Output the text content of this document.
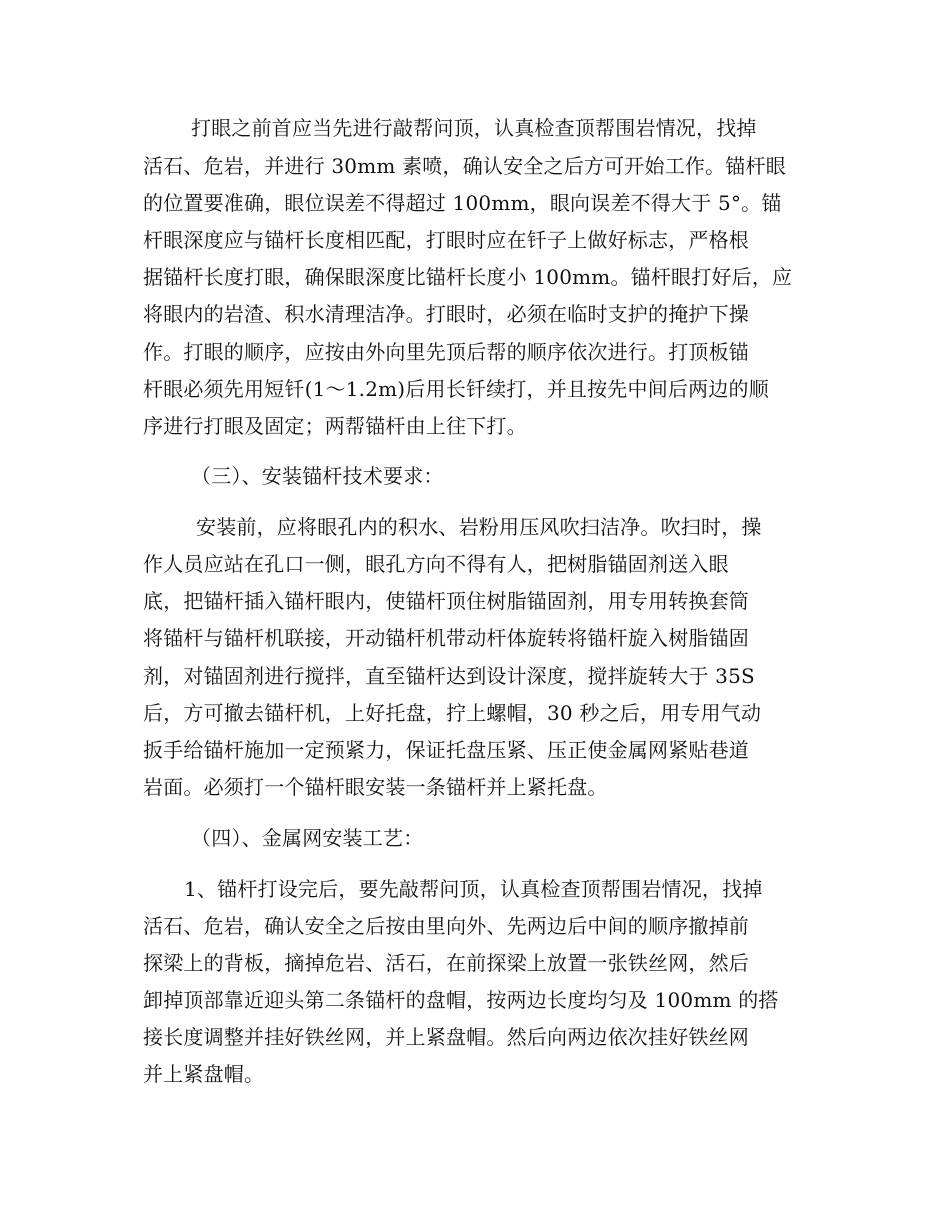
打眼之前首应当先进行敲帮问顶，认真检查顶帮围岩情况，找掉
活石、危岩，并进行 30mm 素喷，确认安全之后方可开始工作。锚杆眼
的位置要准确，眼位误差不得超过 100mm，眼向误差不得大于 5°。锚
杆眼深度应与锚杆长度相匹配，打眼时应在钎子上做好标志，严格根
据锚杆长度打眼，确保眼深度比锚杆长度小 100mm。锚杆眼打好后，应
将眼内的岩渣、积水清理洁净。打眼时，必须在临时支护的掩护下操
作。打眼的顺序，应按由外向里先顶后帮的顺序依次进行。打顶板锚
杆眼必须先用短钎(1～1.2m)后用长钎续打，并且按先中间后两边的顺
序进行打眼及固定；两帮锚杆由上往下打。
（三）、安装锚杆技术要求：
安装前，应将眼孔内的积水、岩粉用压风吹扫洁净。吹扫时，操
作人员应站在孔口一侧，眼孔方向不得有人，把树脂锚固剂送入眼
底，把锚杆插入锚杆眼内，使锚杆顶住树脂锚固剂，用专用转换套筒
将锚杆与锚杆机联接，开动锚杆机带动杆体旋转将锚杆旋入树脂锚固
剂，对锚固剂进行搅拌，直至锚杆达到设计深度，搅拌旋转大于 35S
后，方可撤去锚杆机，上好托盘，拧上螺帽，30 秒之后，用专用气动
扳手给锚杆施加一定预紧力，保证托盘压紧、压正使金属网紧贴巷道
岩面。必须打一个锚杆眼安装一条锚杆并上紧托盘。
（四）、金属网安装工艺：
1、锚杆打设完后，要先敲帮问顶，认真检查顶帮围岩情况，找掉
活石、危岩，确认安全之后按由里向外、先两边后中间的顺序撤掉前
探梁上的背板，摘掉危岩、活石，在前探梁上放置一张铁丝网，然后
卸掉顶部靠近迎头第二条锚杆的盘帽，按两边长度均匀及 100mm 的搭
接长度调整并挂好铁丝网，并上紧盘帽。然后向两边依次挂好铁丝网
并上紧盘帽。
